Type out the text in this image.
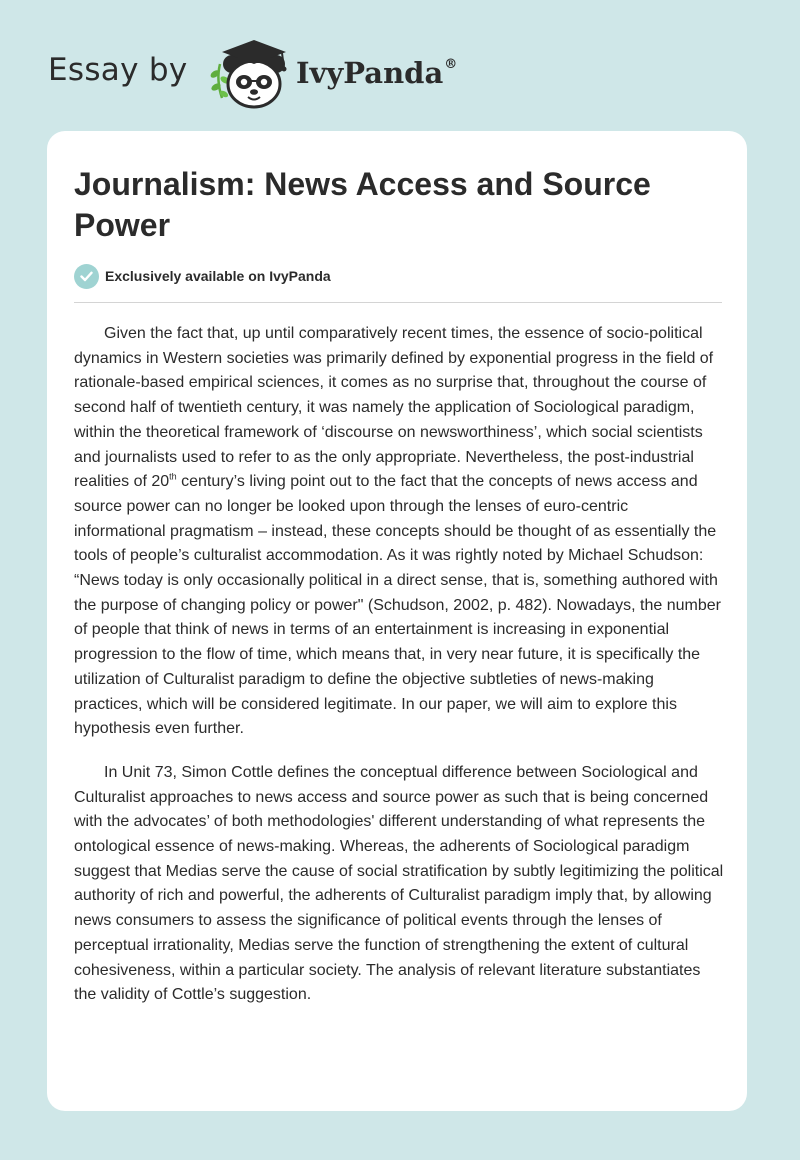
Essay by	IvyPanda®
Journalism: News Access and Source Power
Exclusively available on IvyPanda

Given the fact that, up until comparatively recent times, the essence of socio-political dynamics in Western societies was primarily defined by exponential progress in the field of rationale-based empirical sciences, it comes as no surprise that, throughout the course of second half of twentieth century, it was namely the application of Sociological paradigm, within the theoretical framework of ‘discourse on newsworthiness’, which social scientists and journalists used to refer to as the only appropriate. Nevertheless, the post-industrial realities of 20th century’s living point out to the fact that the concepts of news access and source power can no longer be looked upon through the lenses of euro-centric informational pragmatism – instead, these concepts should be thought of as essentially the tools of people’s culturalist accommodation. As it was rightly noted by Michael Schudson: “News today is only occasionally political in a direct sense, that is, something authored with the purpose of changing policy or power" (Schudson, 2002, p. 482). Nowadays, the number of people that think of news in terms of an entertainment is increasing in exponential progression to the flow of time, which means that, in very near future, it is specifically the utilization of Culturalist paradigm to define the objective subtleties of news-making practices, which will be considered legitimate. In our paper, we will aim to explore this hypothesis even further.

In Unit 73, Simon Cottle defines the conceptual difference between Sociological and Culturalist approaches to news access and source power as such that is being concerned with the advocates’ of both methodologies' different understanding of what represents the ontological essence of news-making. Whereas, the adherents of Sociological paradigm suggest that Medias serve the cause of social stratification by subtly legitimizing the political authority of rich and powerful, the adherents of Culturalist paradigm imply that, by allowing news consumers to assess the significance of political events through the lenses of perceptual irrationality, Medias serve the function of strengthening the extent of cultural cohesiveness, within a particular society. The analysis of relevant literature substantiates the validity of Cottle’s suggestion.
